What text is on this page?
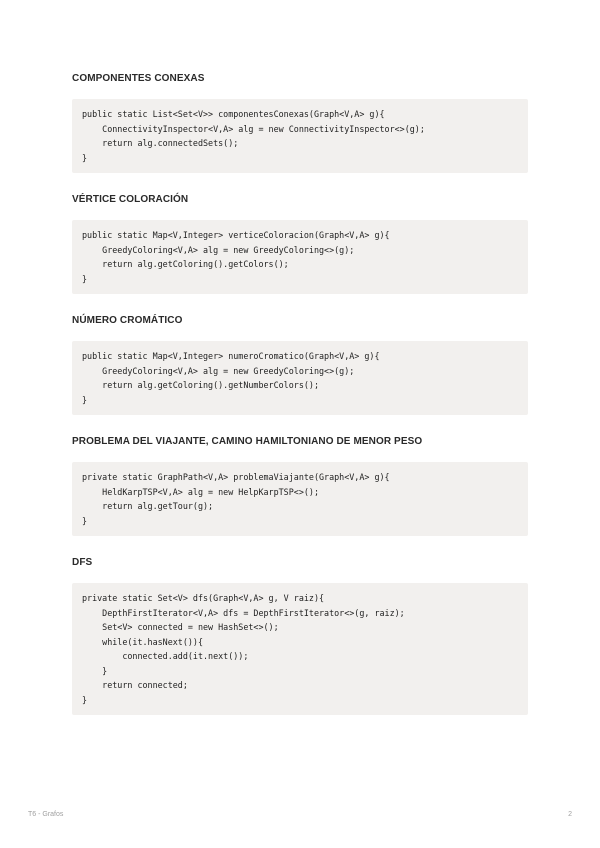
COMPONENTES CONEXAS
public static List<Set<V>> componentesConexas(Graph<V,A> g){
ConnectivityInspector<V,A> alg = new ConnectivityInspector<>(g);
return alg.connectedSets();
}
VÉRTICE COLORACIÓN
public static Map<V,Integer> verticeColoracion(Graph<V,A> g){
GreedyColoring<V,A> alg = new GreedyColoring<>(g);
return alg.getColoring().getColors();
}
NÚMERO CROMÁTICO
public static Map<V,Integer> numeroCromatico(Graph<V,A> g){
GreedyColoring<V,A> alg = new GreedyColoring<>(g);
return alg.getColoring().getNumberColors();
}
PROBLEMA DEL VIAJANTE, CAMINO HAMILTONIANO DE MENOR PESO
private static GraphPath<V,A> problemaViajante(Graph<V,A> g){
HeldKarpTSP<V,A> alg = new HelpKarpTSP<>();
return alg.getTour(g);
}
DFS
private static Set<V> dfs(Graph<V,A> g, V raiz){
DepthFirstIterator<V,A> dfs = DepthFirstIterator<>(g, raiz);
Set<V> connected = new HashSet<>();
while(it.hasNext()){
connected.add(it.next());
}
return connected;
}
T6 - Grafos	2
